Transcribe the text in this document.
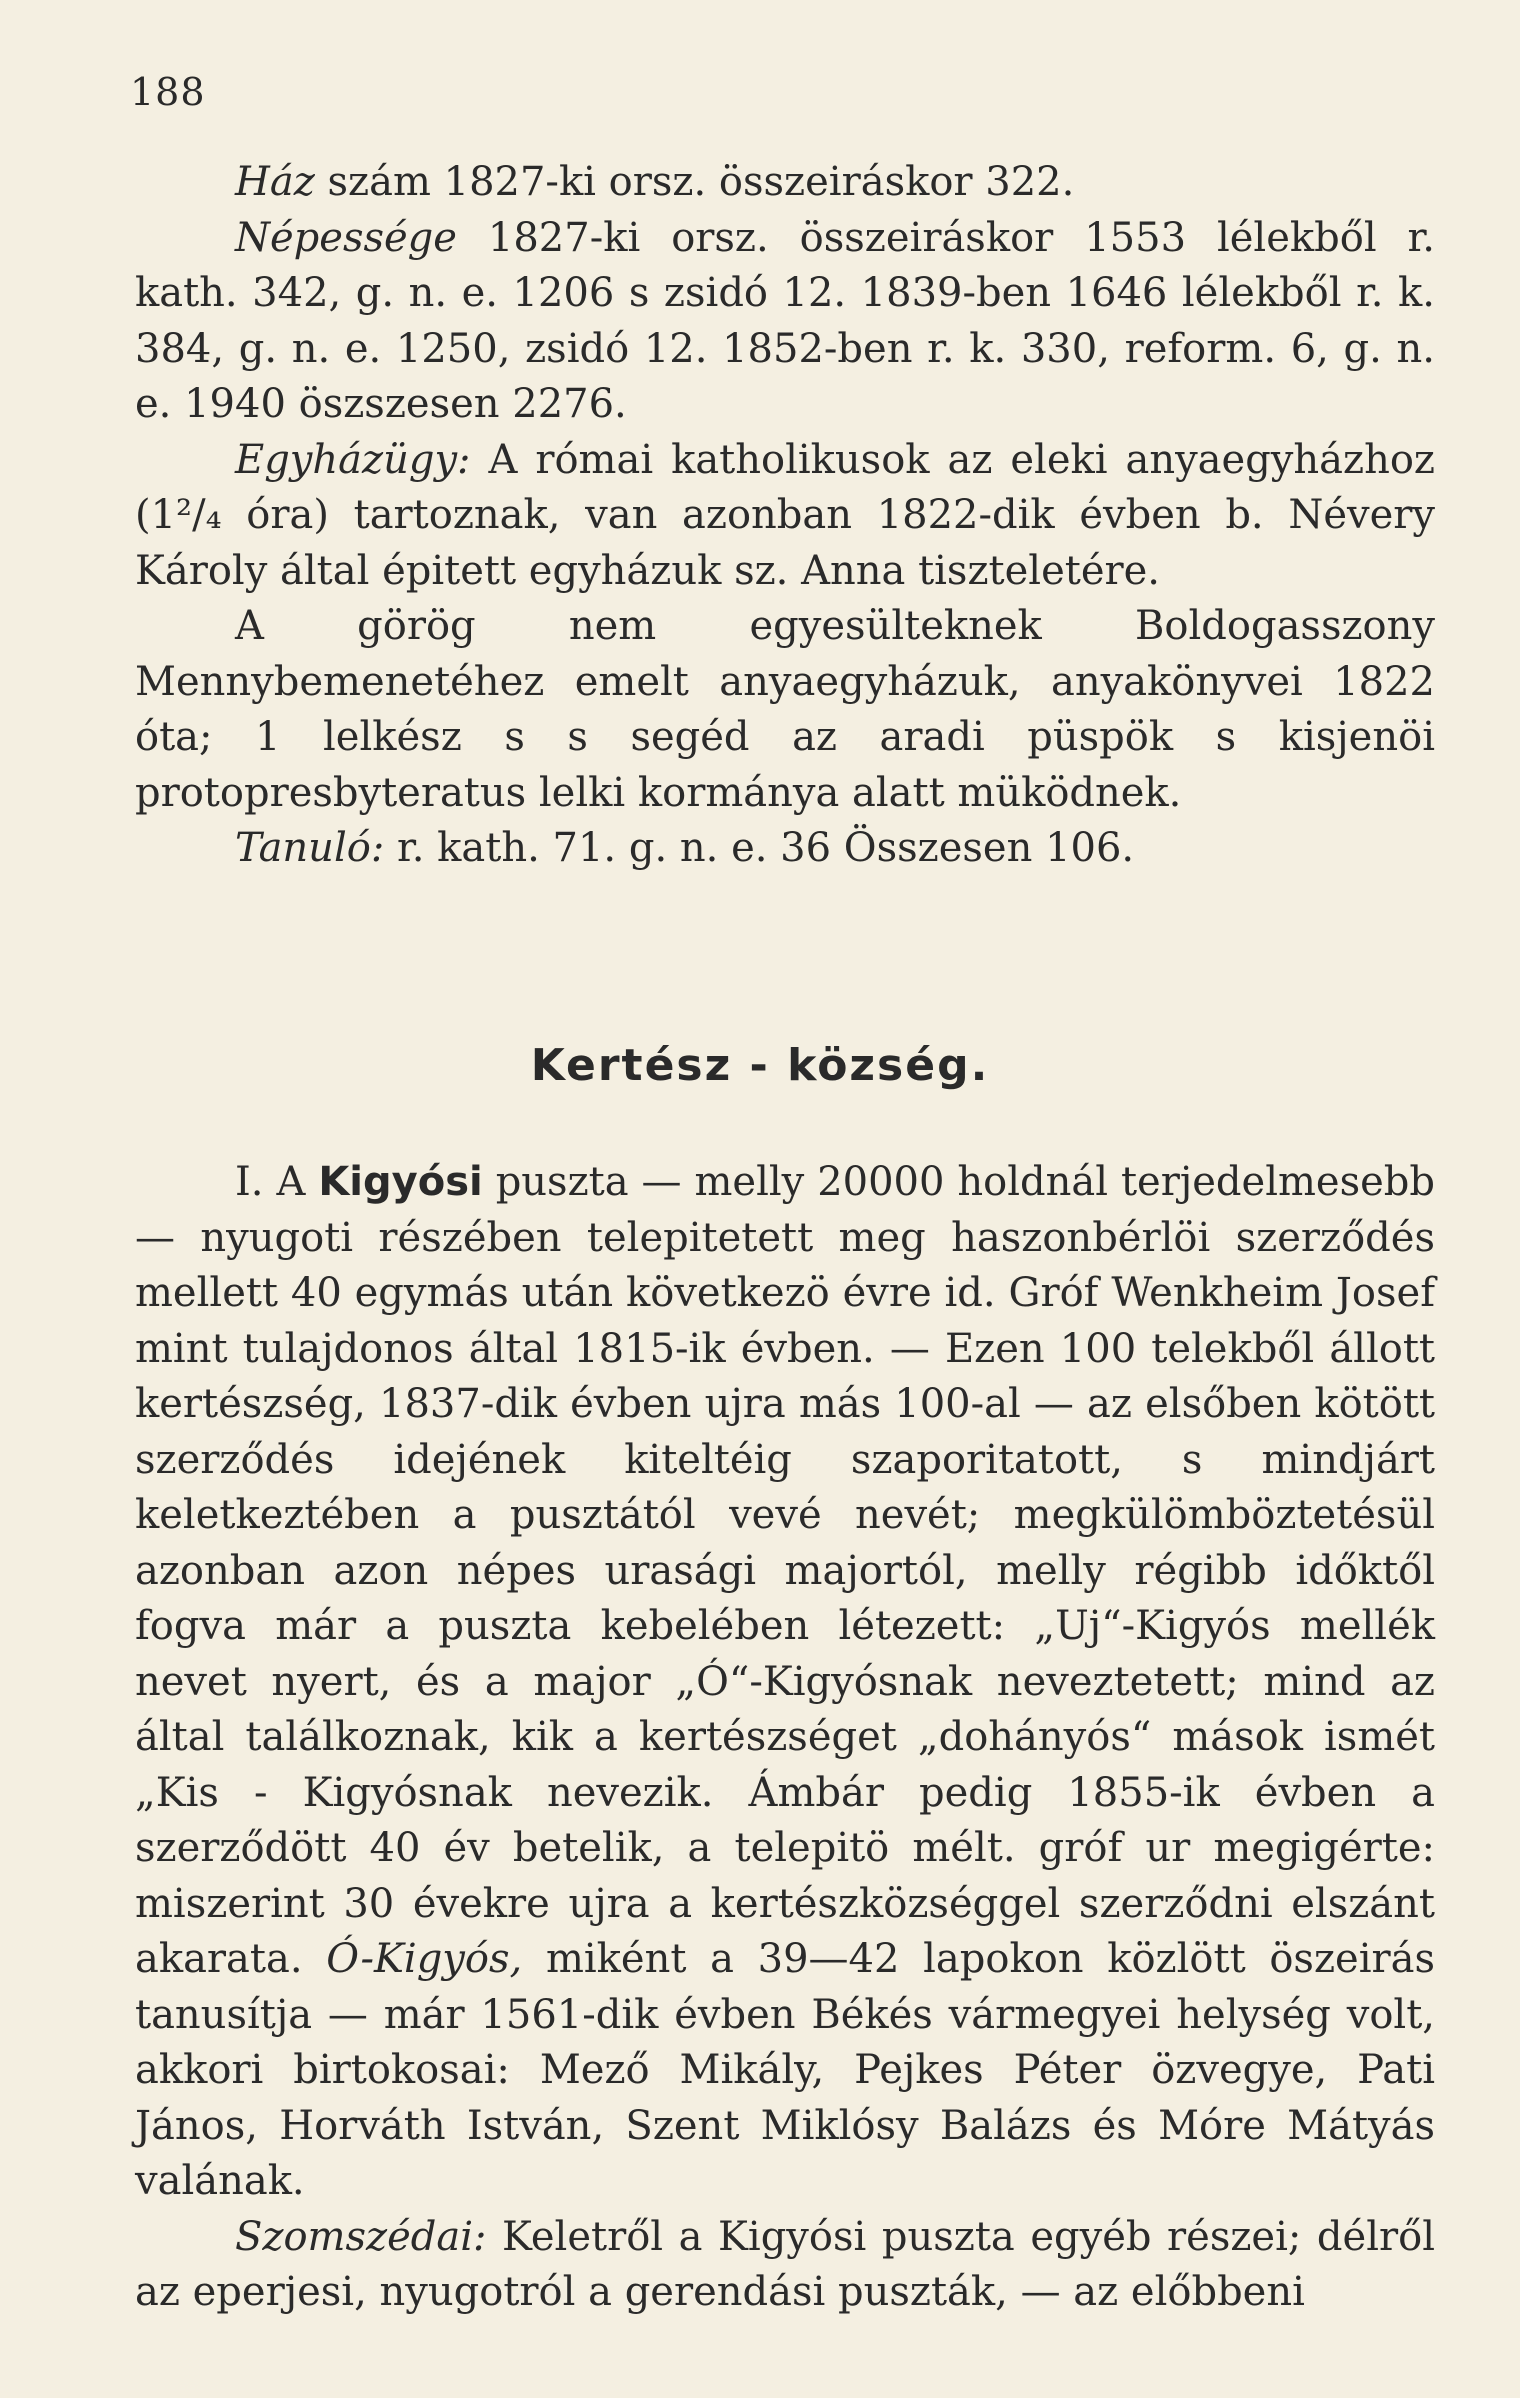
188

Ház szám 1827-ki orsz. összeiráskor 322.

Népessége 1827-ki orsz. összeiráskor 1553 lélekből r. kath. 342, g. n. e. 1206 s zsidó 12. 1839-ben 1646 lélekből r. k. 384, g. n. e. 1250, zsidó 12. 1852-ben r. k. 330, reform. 6, g. n. e. 1940 öszszesen 2276.

Egyházügy: A római katholikusok az eleki anyaegyházhoz (1²/₄ óra) tartoznak, van azonban 1822-dik évben b. Névery Károly által épitett egyházuk sz. Anna tiszteletére.

A görög nem egyesülteknek Boldogasszony Mennybemenetéhez emelt anyaegyházuk, anyakönyvei 1822 óta; 1 lelkész s s segéd az aradi püspök s kisjenöi protopresbyteratus lelki kormánya alatt müködnek.

Tanuló: r. kath. 71. g. n. e. 36 Összesen 106.

Kertész - község.

I. A Kigyósi puszta — melly 20000 holdnál terjedelmesebb — nyugoti részében telepitetett meg haszonbérlöi szerződés mellett 40 egymás után következö évre id. Gróf Wenkheim Josef mint tulajdonos által 1815-ik évben. — Ezen 100 telekből állott kertészség, 1837-dik évben ujra más 100-al — az elsőben kötött szerződés idejének kiteltéig szaporitatott, s mindjárt keletkeztében a pusztától vevé nevét; megkülömböztetésül azonban azon népes urasági majortól, melly régibb időktől fogva már a puszta kebelében létezett: „Uj“-Kigyós mellék nevet nyert, és a major „Ó“-Kigyósnak neveztetett; mind az által találkoznak, kik a kertészséget „dohányós“ mások ismét „Kis - Kigyósnak nevezik. Ámbár pedig 1855-ik évben a szerződött 40 év betelik, a telepitö mélt. gróf ur megigérte: miszerint 30 évekre ujra a kertészközséggel szerződni elszánt akarata. Ó-Kigyós, miként a 39—42 lapokon közlött öszeirás tanusítja — már 1561-dik évben Békés vármegyei helység volt, akkori birtokosai: Mező Mikály, Pejkes Péter özvegye, Pati János, Horváth István, Szent Miklósy Balázs és Móre Mátyás valának.

Szomszédai: Keletről a Kigyósi puszta egyéb részei; délről az eperjesi, nyugotról a gerendási puszták, — az előbbeni
